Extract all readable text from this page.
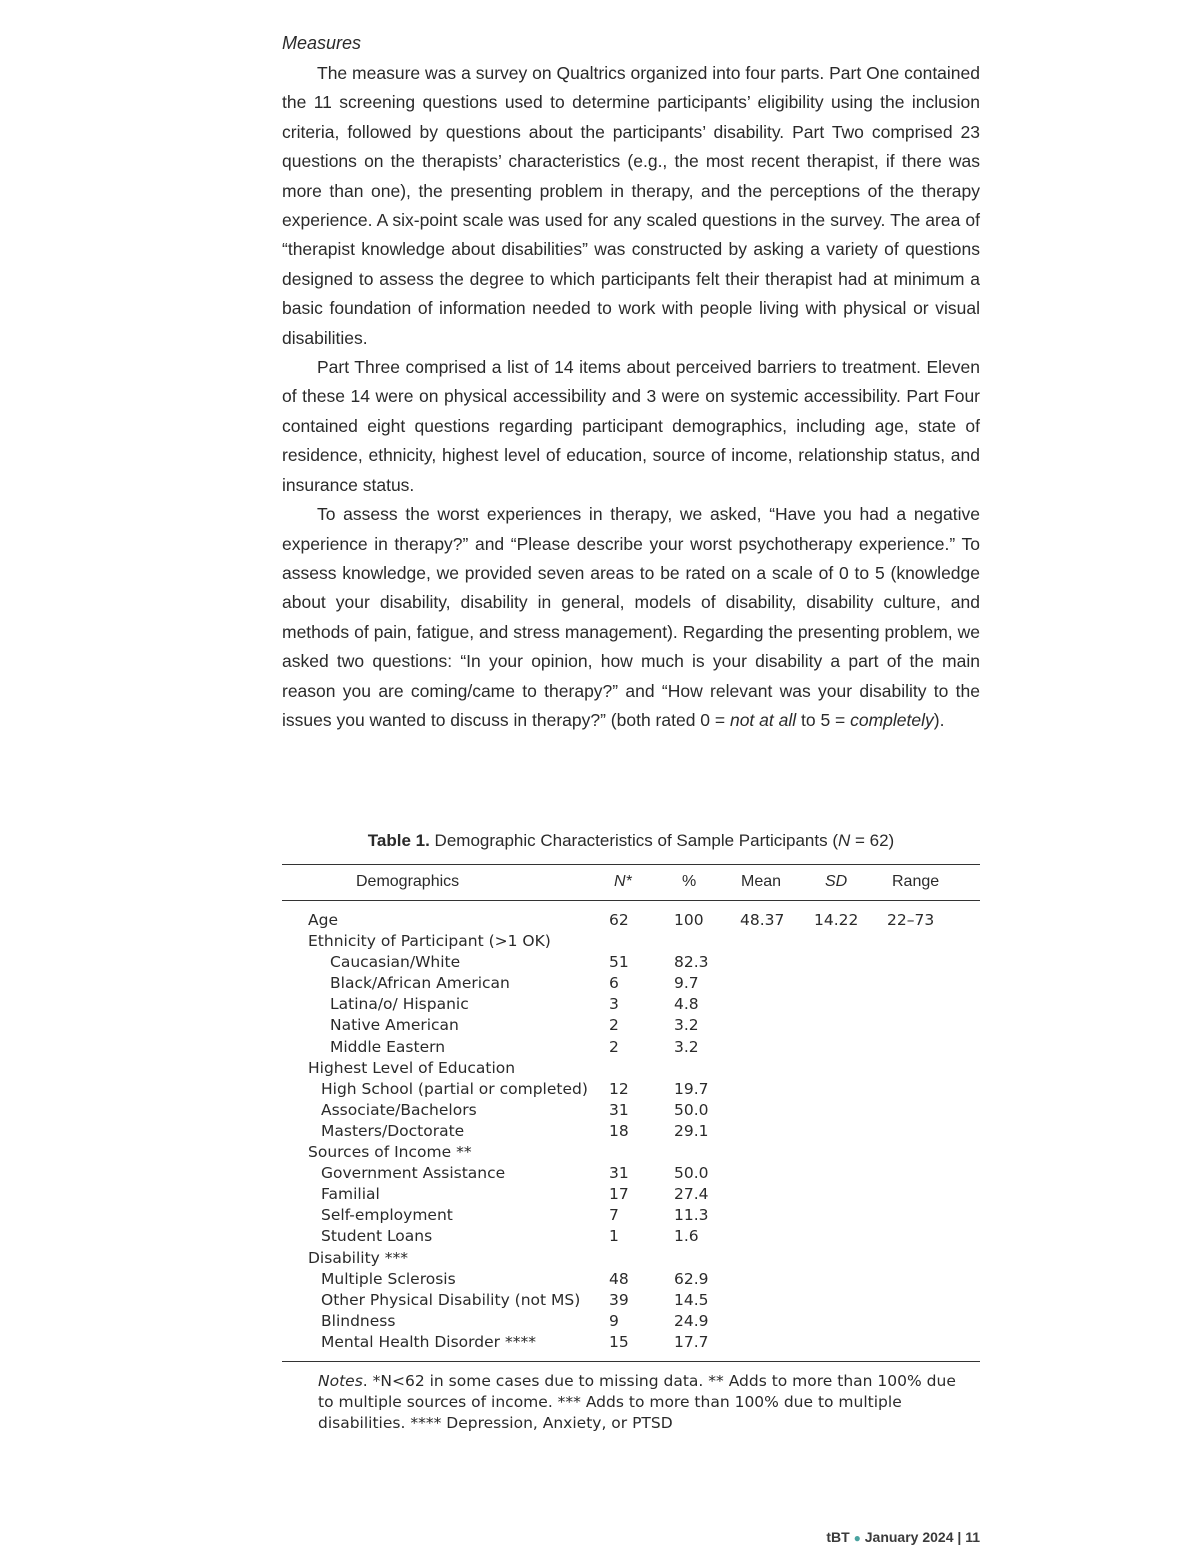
Measures

The measure was a survey on Qualtrics organized into four parts. Part One contained the 11 screening questions used to determine participants’ eligibility using the inclusion criteria, followed by questions about the participants’ disability. Part Two comprised 23 questions on the therapists’ characteristics (e.g., the most recent therapist, if there was more than one), the presenting problem in therapy, and the perceptions of the therapy experience. A six-point scale was used for any scaled questions in the survey. The area of “therapist knowledge about disabilities” was constructed by asking a variety of questions designed to assess the degree to which participants felt their therapist had at minimum a basic foundation of information needed to work with people living with physical or visual disabilities.

Part Three comprised a list of 14 items about perceived barriers to treatment. Eleven of these 14 were on physical accessibility and 3 were on systemic accessibility. Part Four contained eight questions regarding participant demographics, including age, state of residence, ethnicity, highest level of education, source of income, relationship status, and insurance status.

To assess the worst experiences in therapy, we asked, “Have you had a negative experience in therapy?” and “Please describe your worst psychotherapy experience.” To assess knowledge, we provided seven areas to be rated on a scale of 0 to 5 (knowledge about your disability, disability in general, models of disability, disability culture, and methods of pain, fatigue, and stress management). Regarding the presenting problem, we asked two questions: “In your opinion, how much is your disability a part of the main reason you are coming/came to therapy?” and “How relevant was your disability to the issues you wanted to discuss in therapy?” (both rated 0 = not at all to 5 = completely).

Table 1. Demographic Characteristics of Sample Participants (N = 62)
Demographics	N*	%	Mean	SD	Range
Age	62	100 48.37 14.22 22–73
Ethnicity of Participant (>1 OK)
Caucasian/White	51	82.3
Black/African American	6	9.7
Latina/o/ Hispanic	3	4.8
Native American	2	3.2
Middle Eastern	2	3.2
Highest Level of Education
High School (partial or completed) 12	19.7
Associate/Bachelors	31	50.0
Masters/Doctorate	18	29.1
Sources of Income **
Government Assistance	31	50.0
Familial	17	27.4
Self-employment	7	11.3
Student Loans	1	1.6
Disability ***
Multiple Sclerosis	48	62.9
Other Physical Disability (not MS) 39	14.5
Blindness	9	24.9
Mental Health Disorder ****	15	17.7

Notes. *N<62 in some cases due to missing data. ** Adds to more than 100% due to multiple sources of income. *** Adds to more than 100% due to multiple disabilities. **** Depression, Anxiety, or PTSD

tBT ● January 2024 | 11
